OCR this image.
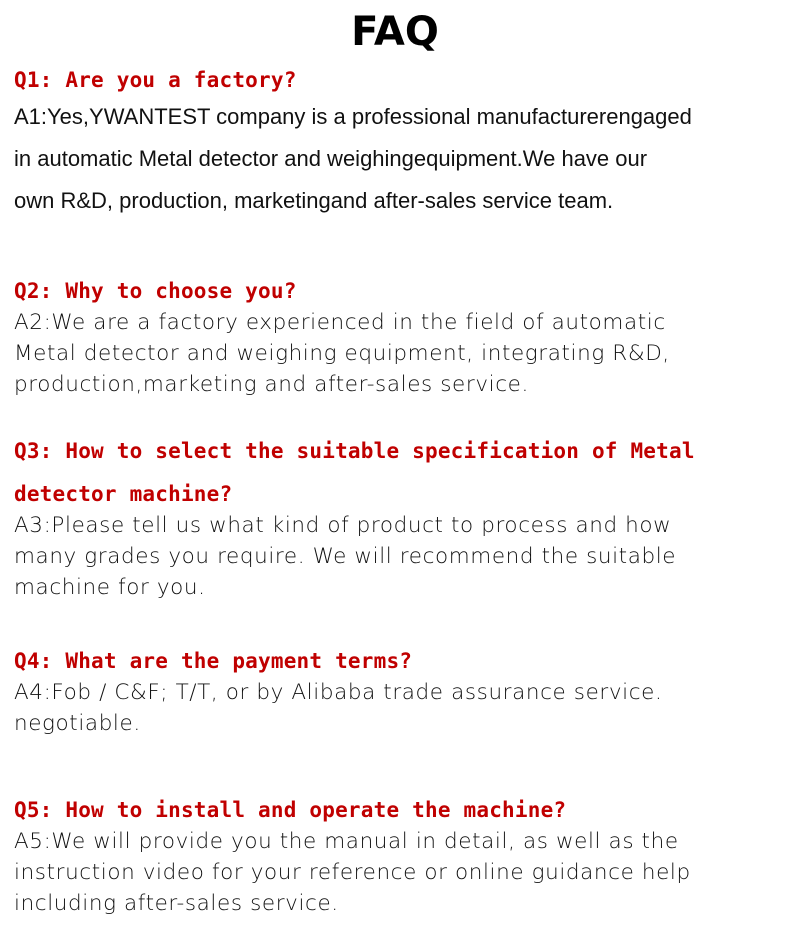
FAQ
Q1: Are you a factory?
A1:Yes,YWANTEST company is a professional manufacturerengaged
in automatic Metal detector and weighingequipment.We have our
own R&D, production, marketingand after-sales service team.
Q2: Why to choose you?
A2:We are a factory experienced in the field of automatic
Metal detector and weighing equipment, integrating R&D,
production,marketing and after-sales service.
Q3: How to select the suitable specification of Metal
detector machine?
A3:Please tell us what kind of product to process and how
many grades you require. We will recommend the suitable
machine for you.
Q4: What are the payment terms?
A4:Fob / C&F; T/T, or by Alibaba trade assurance service.
negotiable.
Q5: How to install and operate the machine?
A5:We will provide you the manual in detail, as well as the
instruction video for your reference or online guidance help
including after-sales service.
